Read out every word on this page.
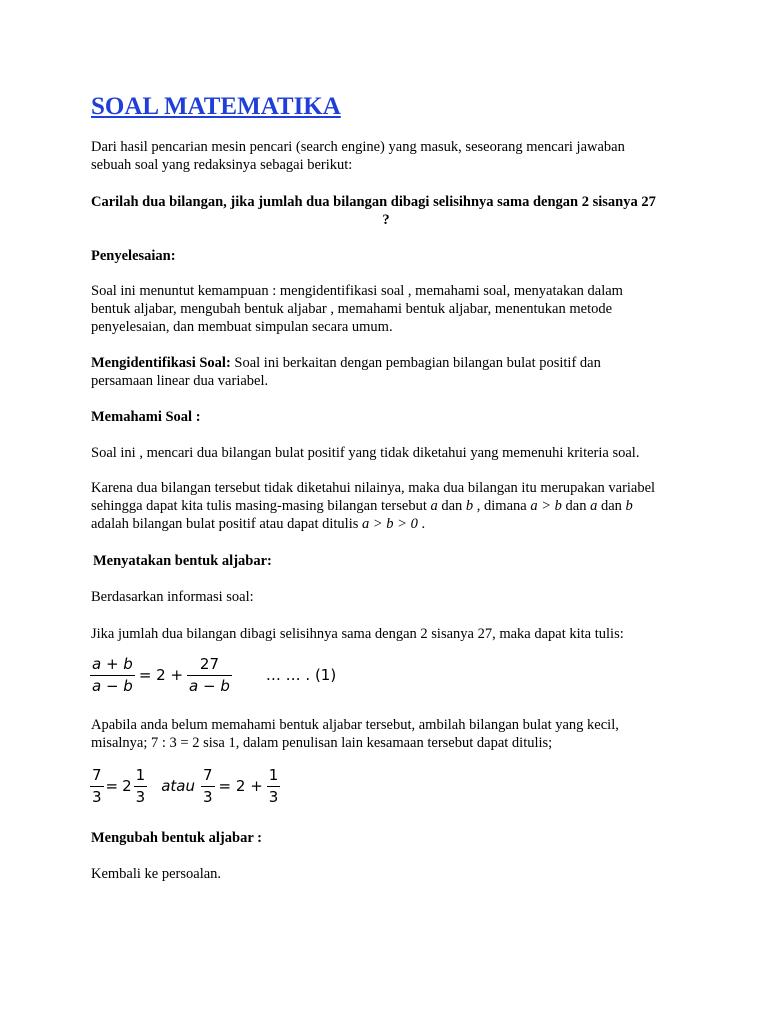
SOAL MATEMATIKA

Dari hasil pencarian mesin pencari (search engine) yang masuk, seseorang mencari jawaban
sebuah soal yang redaksinya sebagai berikut:

Carilah dua bilangan, jika jumlah dua bilangan dibagi selisihnya sama dengan 2 sisanya 27

?

Penyelesaian:

Soal ini menuntut kemampuan : mengidentifikasi soal , memahami soal, menyatakan dalam
bentuk aljabar, mengubah bentuk aljabar , memahami bentuk aljabar, menentukan metode
penyelesaian, dan membuat simpulan secara umum.

Mengidentifikasi Soal: Soal ini berkaitan dengan pembagian bilangan bulat positif dan
persamaan linear dua variabel.

Memahami Soal :

Soal ini , mencari dua bilangan bulat positif yang tidak diketahui yang memenuhi kriteria soal.

Karena dua bilangan tersebut tidak diketahui nilainya, maka dua bilangan itu merupakan variabel
sehingga dapat kita tulis masing-masing bilangan tersebut a dan b , dimana a > b dan a dan b
adalah bilangan bulat positif atau dapat ditulis a > b > 0 .

Menyatakan bentuk aljabar:

Berdasarkan informasi soal:

Jika jumlah dua bilangan dibagi selisihnya sama dengan 2 sisanya 27, maka dapat kita tulis:

$\frac{a + b}{a - b} = 2 + \frac{27}{a - b}$ … … . (1)

Apabila anda belum memahami bentuk aljabar tersebut, ambilah bilangan bulat yang kecil,
misalnya; 7 : 3 = 2 sisa 1, dalam penulisan lain kesamaan tersebut dapat ditulis;

$\frac{7}{3} = 2 \frac{1}{3}$ atau $\frac{7}{3} = 2 + \frac{1}{3}$

Mengubah bentuk aljabar :

Kembali ke persoalan.
